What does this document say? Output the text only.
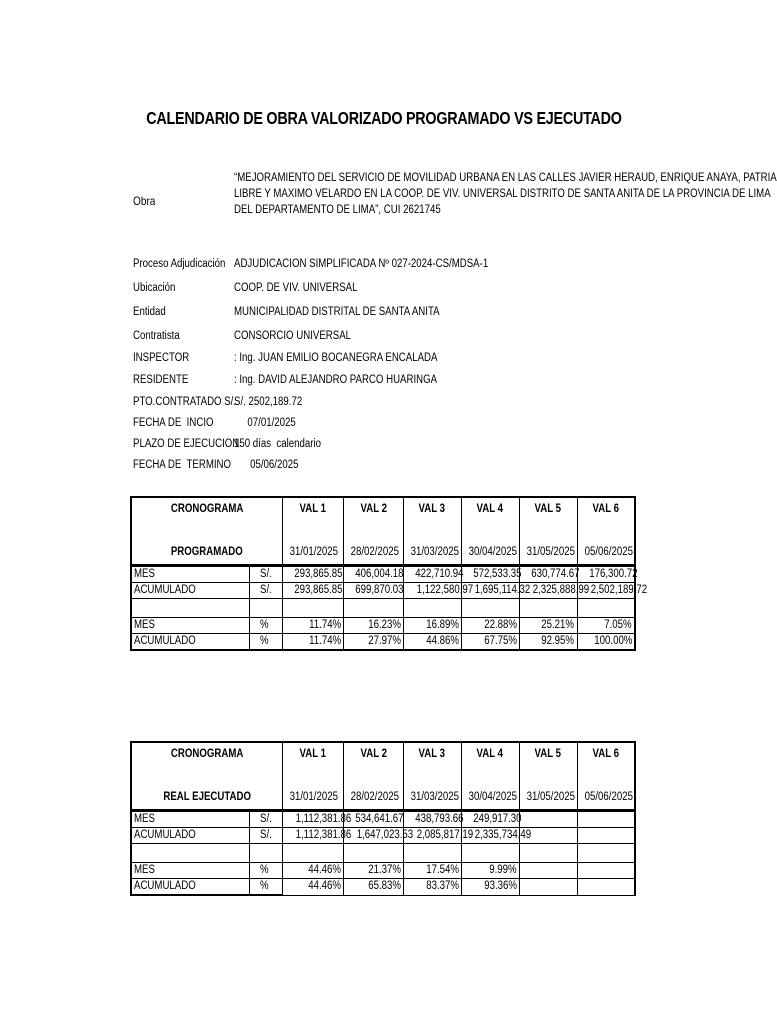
CALENDARIO DE OBRA VALORIZADO PROGRAMADO VS EJECUTADO
Obra
“MEJORAMIENTO DEL SERVICIO DE MOVILIDAD URBANA EN LAS CALLES JAVIER HERAUD, ENRIQUE ANAYA, PATRIA
LIBRE Y MAXIMO VELARDO EN LA COOP. DE VIV. UNIVERSAL DISTRITO DE SANTA ANITA DE LA PROVINCIA DE LIMA
DEL DEPARTAMENTO DE LIMA”, CUI 2621745
Proceso Adjudicación ADJUDICACION SIMPLIFICADA Nº 027-2024-CS/MDSA-1
Ubicación	COOP. DE VIV. UNIVERSAL
Entidad	MUNICIPALIDAD DISTRITAL DE SANTA ANITA
Contratista	CONSORCIO UNIVERSAL
INSPECTOR	: Ing. JUAN EMILIO BOCANEGRA ENCALADA
RESIDENTE	: Ing. DAVID ALEJANDRO PARCO HUARINGA
PTO.CONTRATADO S/.
S/. 2502,189.72
FECHA DE  INCIO 07/01/2025
PLAZO DE EJECUCION
150 días  calendario
FECHA DE  TERMINO 05/06/2025
CRONOGRAMA		VAL 1	VAL 2	VAL 3	VAL 4	VAL 5	VAL 6
PROGRAMADO		31/01/2025	28/02/2025	31/03/2025	30/04/2025	31/05/2025	05/06/2025
MES	S/.	293,865.85	406,004.18	422,710.94	572,533.35	630,774.67	176,300.72
ACUMULADO	S/.	293,865.85	699,870.03	1,122,580.97	1,695,114.32	2,325,888.99	2,502,189.72

MES	%	11.74%	16.23%	16.89%	22.88%	25.21%	7.05%
ACUMULADO	%	11.74%	27.97%	44.86%	67.75%	92.95%	100.00%
CRONOGRAMA		VAL 1	VAL 2	VAL 3	VAL 4	VAL 5	VAL 6
REAL EJECUTADO		31/01/2025	28/02/2025	31/03/2025	30/04/2025	31/05/2025	05/06/2025
MES	S/.	1,112,381.86	534,641.67	438,793.66	249,917.30		
ACUMULADO	S/.	1,112,381.86	1,647,023.53	2,085,817.19	2,335,734.49		

MES	%	44.46%	21.37%	17.54%	9.99%		
ACUMULADO	%	44.46%	65.83%	83.37%	93.36%		
